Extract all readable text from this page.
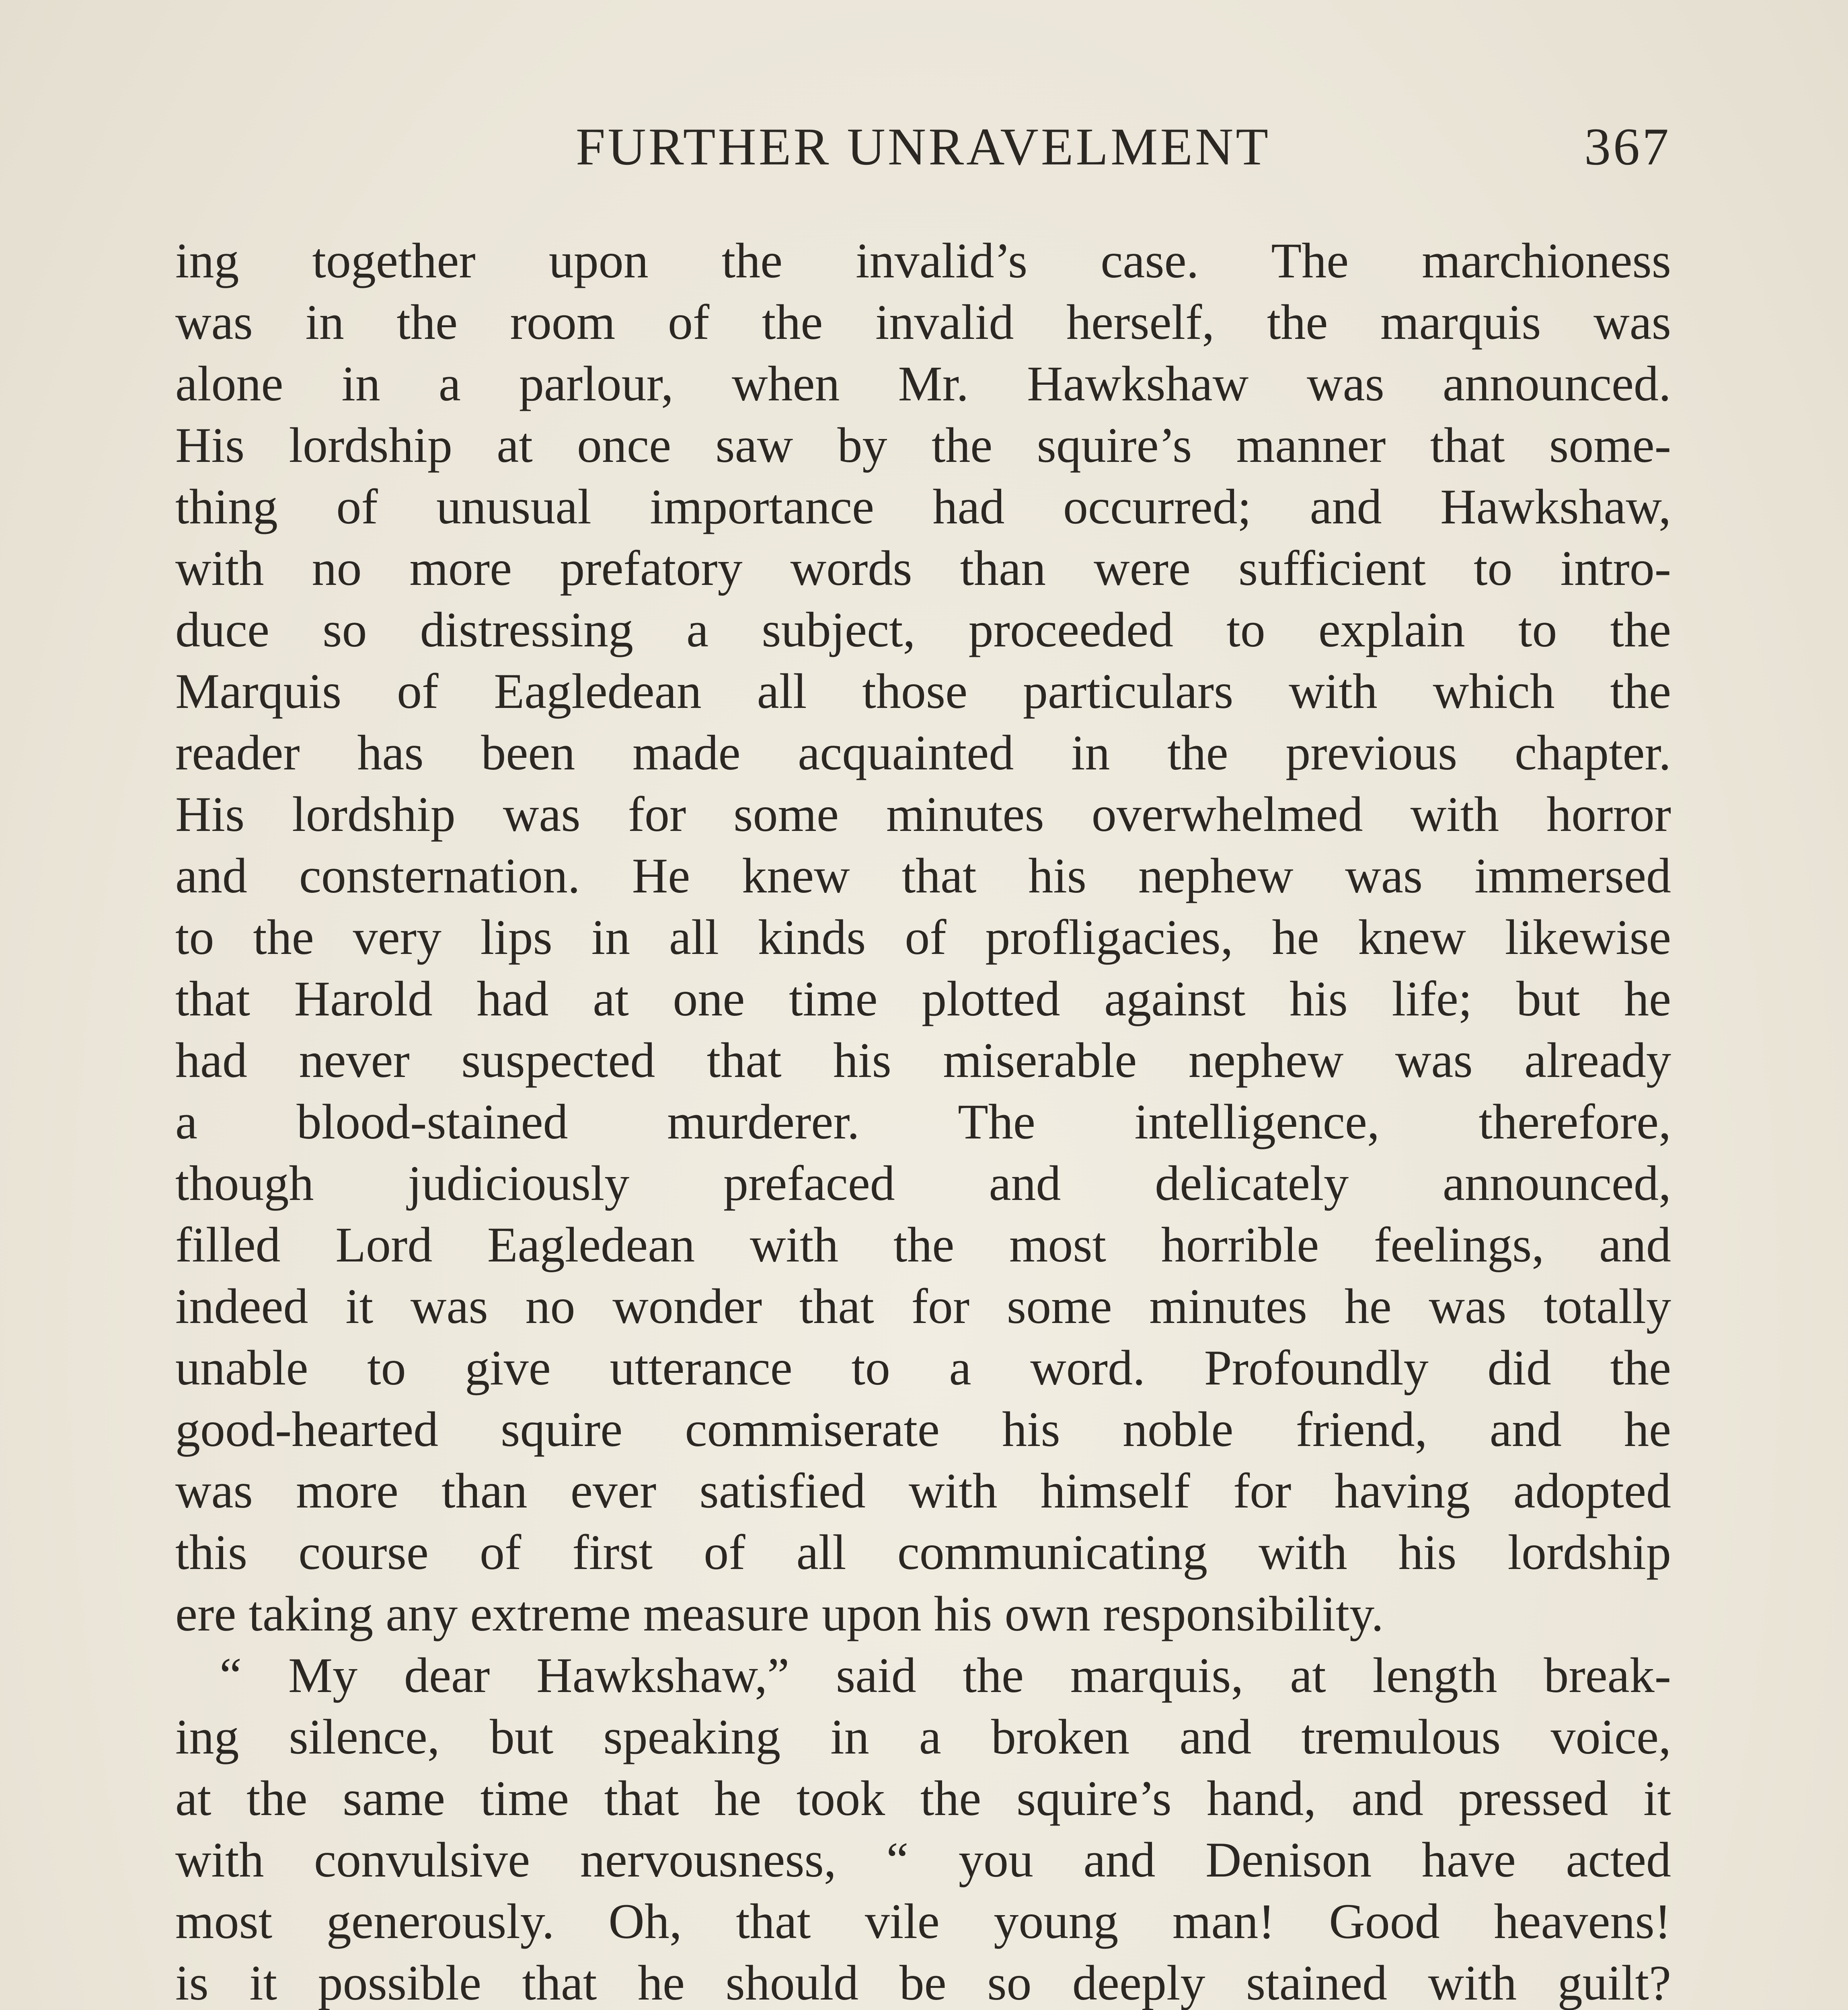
FURTHER UNRAVELMENT	367
ing together upon the invalid’s case. The marchioness
was in the room of the invalid herself, the marquis was
alone in a parlour, when Mr. Hawkshaw was announced.
His lordship at once saw by the squire’s manner that some-
thing of unusual importance had occurred; and Hawkshaw,
with no more prefatory words than were sufficient to intro-
duce so distressing a subject, proceeded to explain to the
Marquis of Eagledean all those particulars with which the
reader has been made acquainted in the previous chapter.
His lordship was for some minutes overwhelmed with horror
and consternation. He knew that his nephew was immersed
to the very lips in all kinds of profligacies, he knew likewise
that Harold had at one time plotted against his life; but he
had never suspected that his miserable nephew was already
a blood-stained murderer. The intelligence, therefore,
though judiciously prefaced and delicately announced,
filled Lord Eagledean with the most horrible feelings, and
indeed it was no wonder that for some minutes he was totally
unable to give utterance to a word. Profoundly did the
good-hearted squire commiserate his noble friend, and he
was more than ever satisfied with himself for having adopted
this course of first of all communicating with his lordship
ere taking any extreme measure upon his own responsibility.
“ My dear Hawkshaw,” said the marquis, at length break-
ing silence, but speaking in a broken and tremulous voice,
at the same time that he took the squire’s hand, and pressed it
with convulsive nervousness, “ you and Denison have acted
most generously. Oh, that vile young man! Good heavens!
is it possible that he should be so deeply stained with guilt?
